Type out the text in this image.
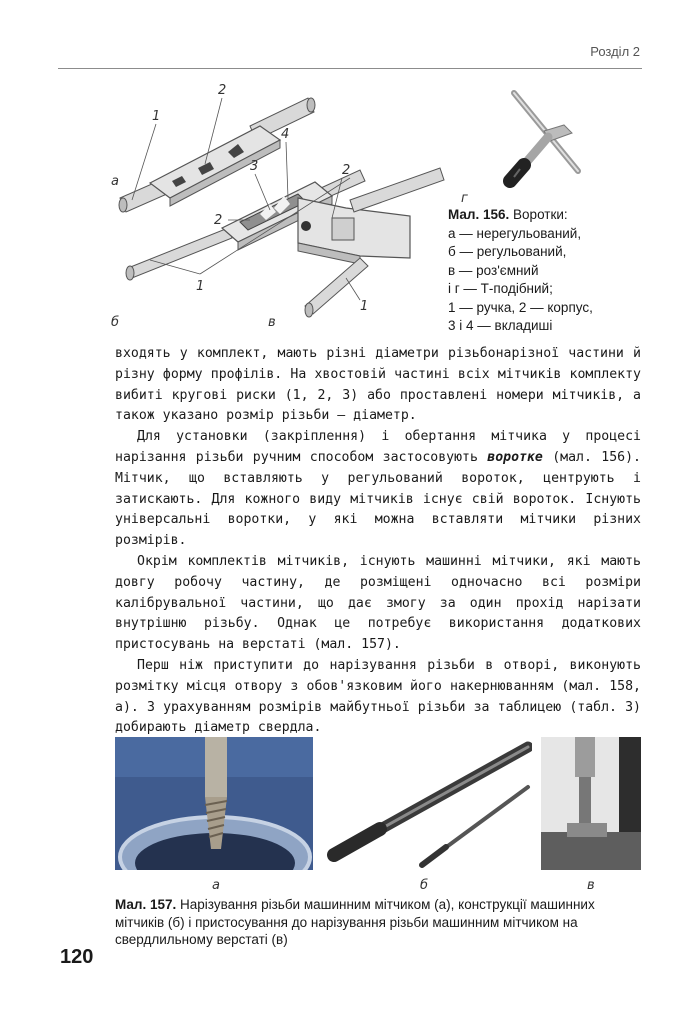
Розділ 2
1
2
4
3
2
1
2
1
а
б	в
г
Мал. 156. Воротки:
а — нерегульований,
б — регульований,
в — роз'ємний
і г — Т-подібний;
1 — ручка, 2 — корпус,
3 і 4 — вкладиші

входять у комплект, мають різні діаметри різьбонарізної частини й різну форму профілів. На хвостовій частині всіх мітчиків комплекту вибиті кругові риски (1, 2, 3) або проставлені номери мітчиків, а також указано розмір різьби — діаметр.

Для установки (закріплення) і обертання мітчика у процесі нарізання різьби ручним способом застосовують воротке (мал. 156). Мітчик, що вставляють у регульований вороток, центрують і затискають. Для кожного виду мітчиків існує свій вороток. Існують універсальні воротки, у які можна вставляти мітчики різних розмірів.

Окрім комплектів мітчиків, існують машинні мітчики, які мають довгу робочу частину, де розміщені одночасно всі розміри калібрувальної частини, що дає змогу за один прохід нарізати внутрішню різьбу. Однак це потребує використання додаткових пристосувань на верстаті (мал. 157).

Перш ніж приступити до нарізування різьби в отворі, виконують розмітку місця отвору з обов'язковим його накернюванням (мал. 158, а). З урахуванням розмірів майбутньої різьби за таблицею (табл. 3) добирають діаметр свердла.

а	б	в
Мал. 157. Нарізування різьби машинним мітчиком (а), конструкції машинних мітчиків (б) і пристосування до нарізування різьби машинним мітчиком на свердлильному верстаті (в)
120
